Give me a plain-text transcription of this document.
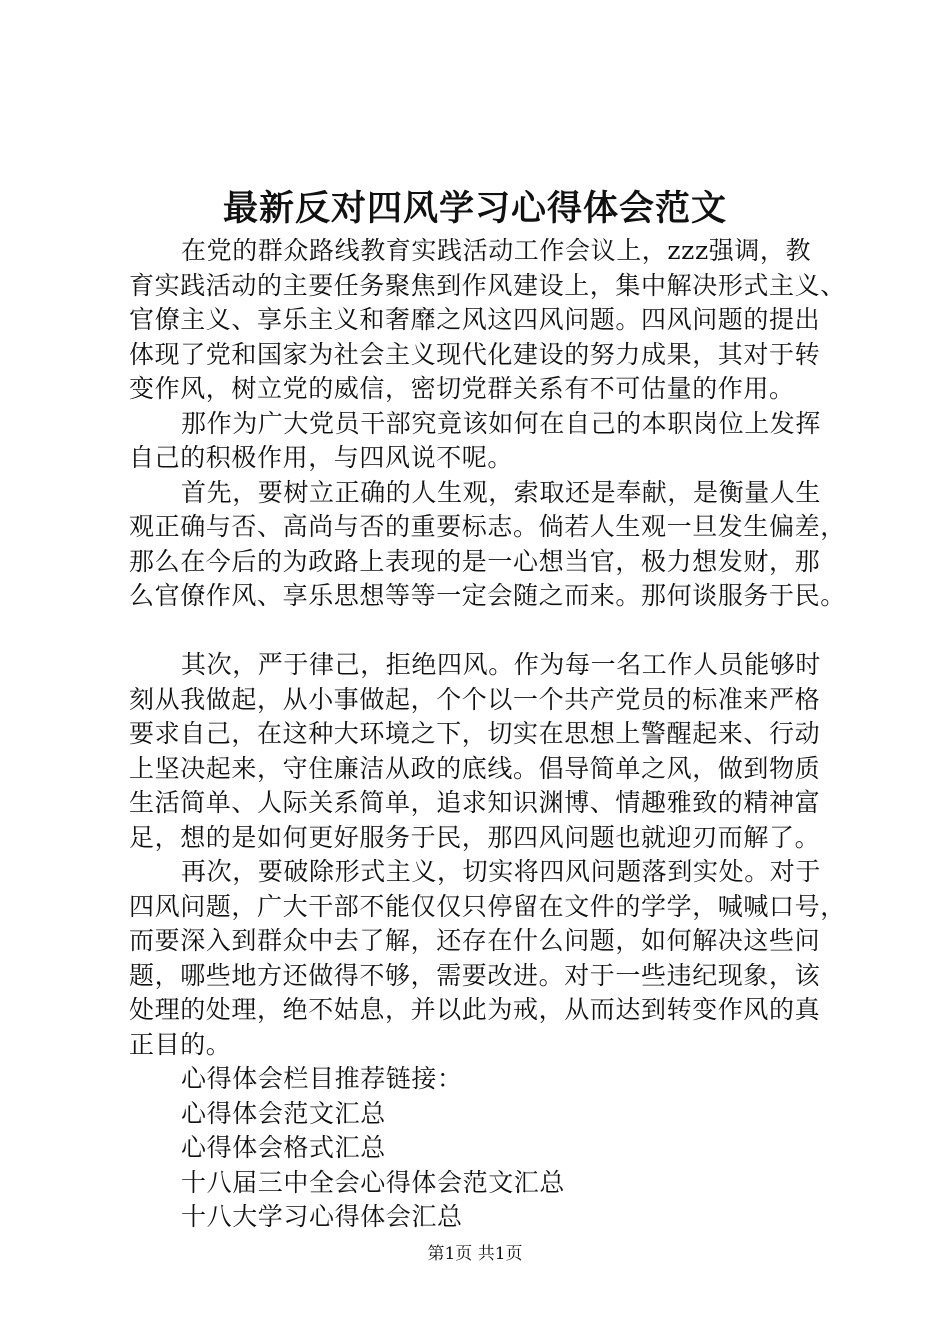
最新反对四风学习心得体会范文
在党的群众路线教育实践活动工作会议上，zzz强调，教
育实践活动的主要任务聚焦到作风建设上，集中解决形式主义、
官僚主义、享乐主义和奢靡之风这四风问题。四风问题的提出
体现了党和国家为社会主义现代化建设的努力成果，其对于转
变作风，树立党的威信，密切党群关系有不可估量的作用。
那作为广大党员干部究竟该如何在自己的本职岗位上发挥
自己的积极作用，与四风说不呢。
首先，要树立正确的人生观，索取还是奉献，是衡量人生
观正确与否、高尚与否的重要标志。倘若人生观一旦发生偏差，
那么在今后的为政路上表现的是一心想当官，极力想发财，那
么官僚作风、享乐思想等等一定会随之而来。那何谈服务于民。
其次，严于律己，拒绝四风。作为每一名工作人员能够时
刻从我做起，从小事做起，个个以一个共产党员的标准来严格
要求自己，在这种大环境之下，切实在思想上警醒起来、行动
上坚决起来，守住廉洁从政的底线。倡导简单之风，做到物质
生活简单、人际关系简单，追求知识渊博、情趣雅致的精神富
足，想的是如何更好服务于民，那四风问题也就迎刃而解了。
再次，要破除形式主义，切实将四风问题落到实处。对于
四风问题，广大干部不能仅仅只停留在文件的学学，喊喊口号，
而要深入到群众中去了解，还存在什么问题，如何解决这些问
题，哪些地方还做得不够，需要改进。对于一些违纪现象，该
处理的处理，绝不姑息，并以此为戒，从而达到转变作风的真
正目的。
心得体会栏目推荐链接：
心得体会范文汇总
心得体会格式汇总
十八届三中全会心得体会范文汇总
十八大学习心得体会汇总
第1页 共1页
